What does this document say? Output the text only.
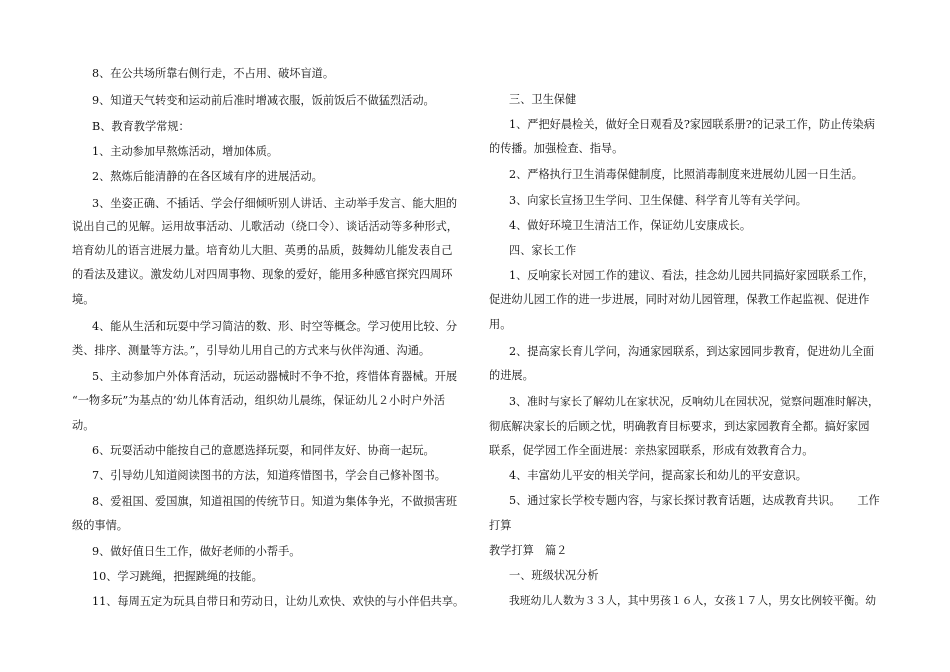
8、在公共场所靠右侧行走，不占用、破坏盲道。
9、知道天气转变和运动前后准时增减衣服，饭前饭后不做猛烈活动。
B、教育教学常规：
1、主动参加早熬炼活动，增加体质。
2、熬炼后能清静的在各区域有序的进展活动。
3、坐姿正确、不插话、学会仔细倾听别人讲话、主动举手发言、能大胆的
说出自己的见解。运用故事活动、儿歌活动（绕口令）、谈话活动等多种形式，
培育幼儿的语言进展力量。培育幼儿大胆、英勇的品质，鼓舞幼儿能发表自己
的看法及建议。激发幼儿对四周事物、现象的爱好，能用多种感官探究四周环
境。
4、能从生活和玩耍中学习简洁的数、形、时空等概念。学习使用比较、分
类、排序、测量等方法。”，引导幼儿用自己的方式来与伙伴沟通、沟通。
5、主动参加户外体育活动，玩运动器械时不争不抢，疼惜体育器械。开展
“一物多玩”为基点的’幼儿体育活动，组织幼儿晨练，保证幼儿２小时户外活
动。
6、玩耍活动中能按自己的意愿选择玩耍，和同伴友好、协商一起玩。
7、引导幼儿知道阅读图书的方法，知道疼惜图书，学会自己修补图书。
8、爱祖国、爱国旗，知道祖国的传统节日。知道为集体争光，不做损害班
级的事情。
9、做好值日生工作，做好老师的小帮手。
10、学习跳绳，把握跳绳的技能。
11、每周五定为玩具自带日和劳动日，让幼儿欢快、欢快的与小伴侣共享。
三、卫生保健
1、严把好晨检关，做好全日观看及?家园联系册?的记录工作，防止传染病
的传播。加强检查、指导。
2、严格执行卫生消毒保健制度，比照消毒制度来进展幼儿园一日生活。
3、向家长宣扬卫生学问、卫生保健、科学育儿等有关学问。
4、做好环境卫生清洁工作，保证幼儿安康成长。
四、家长工作
1、反响家长对园工作的建议、看法，挂念幼儿园共同搞好家园联系工作，
促进幼儿园工作的进一步进展，同时对幼儿园管理，保教工作起监视、促进作
用。
2、提高家长育儿学问，沟通家园联系，到达家园同步教育，促进幼儿全面
的进展。
3、准时与家长了解幼儿在家状况，反响幼儿在园状况，觉察问题准时解决，
彻底解决家长的后顾之忧，明确教育目标要求，到达家园教育全都。搞好家园
联系，促学园工作全面进展：亲热家园联系，形成有效教育合力。
4、丰富幼儿平安的相关学问，提高家长和幼儿的平安意识。
5、通过家长学校专题内容，与家长探讨教育话题，达成教育共识。　　工作
打算
教学打算　篇２
一、班级状况分析
我班幼儿人数为３３人，其中男孩１６人，女孩１７人，男女比例较平衡。幼
